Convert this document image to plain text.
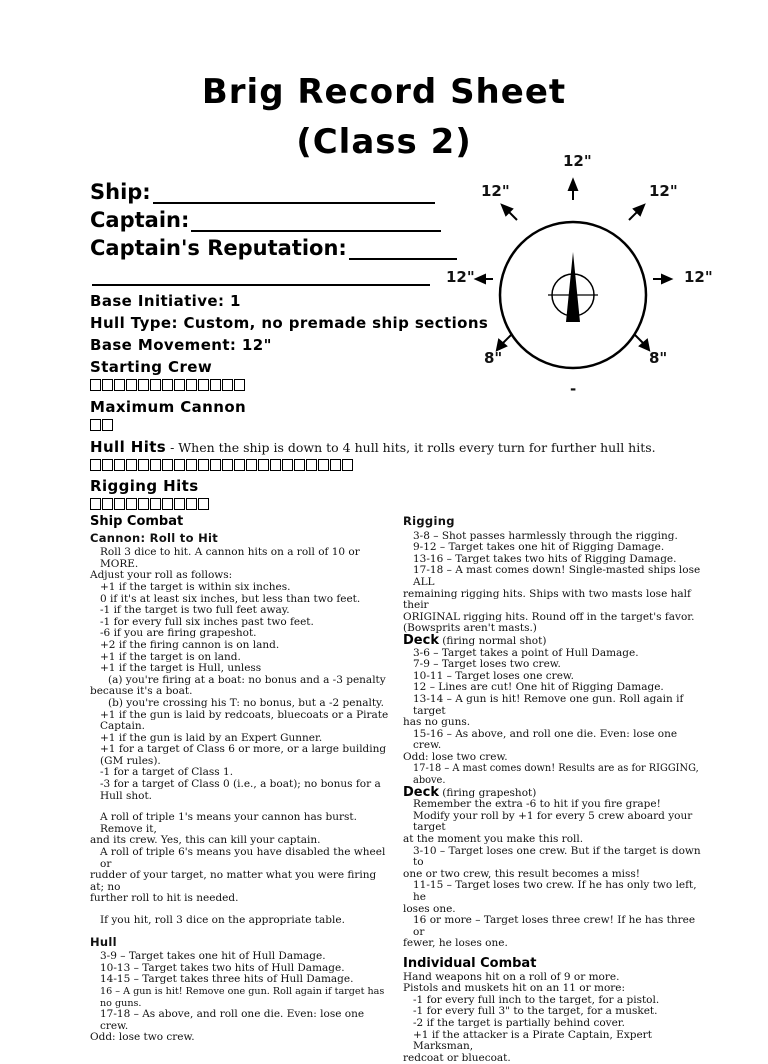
Brig Record Sheet
(Class 2)
Ship:
Captain:
Captain's Reputation:
12"
12"	12"
12"	12"
8"	8"
-
Base Initiative: 1
Hull Type: Custom, no premade ship sections
Base Movement: 12"
Starting Crew
Maximum Cannon
Hull Hits - When the ship is down to 4 hull hits, it rolls every turn for further hull hits.
Rigging Hits

Ship Combat

Cannon: Roll to Hit

Roll 3 dice to hit. A cannon hits on a roll of 10 or MORE.

Adjust your roll as follows:

+1 if the target is within six inches.

0 if it's at least six inches, but less than two feet.

-1 if the target is two full feet away.

-1 for every full six inches past two feet.

-6 if you are firing grapeshot.

+2 if the firing cannon is on land.

+1 if the target is on land.

+1 if the target is Hull, unless

(a) you're firing at a boat: no bonus and a -3 penalty

because it's a boat.

(b) you're crossing his T: no bonus, but a -2 penalty.

+1 if the gun is laid by redcoats, bluecoats or a Pirate Captain.

+1 if the gun is laid by an Expert Gunner.

+1 for a target of Class 6 or more, or a large building (GM rules).

-1 for a target of Class 1.

-3 for a target of Class 0 (i.e., a boat); no bonus for a Hull shot.

A roll of triple 1's means your cannon has burst. Remove it,

and its crew. Yes, this can kill your captain.

A roll of triple 6's means you have disabled the wheel or

rudder of your target, no matter what you were firing at; no

further roll to hit is needed.

If you hit, roll 3 dice on the appropriate table.

Hull

3-9 – Target takes one hit of Hull Damage.

10-13 – Target takes two hits of Hull Damage.

14-15 – Target takes three hits of Hull Damage.

16 – A gun is hit! Remove one gun. Roll again if target has no guns.

17-18 – As above, and roll one die. Even: lose one crew.

Odd: lose two crew.

Rigging

3-8 – Shot passes harmlessly through the rigging.

9-12 – Target takes one hit of Rigging Damage.

13-16 – Target takes two hits of Rigging Damage.

17-18 – A mast comes down! Single-masted ships lose ALL

remaining rigging hits. Ships with two masts lose half their

ORIGINAL rigging hits. Round off in the target's favor.

(Bowsprits aren't masts.)

Deck (firing normal shot)

3-6 – Target takes a point of Hull Damage.

7-9 – Target loses two crew.

10-11 – Target loses one crew.

12 – Lines are cut! One hit of Rigging Damage.

13-14 – A gun is hit! Remove one gun. Roll again if target

has no guns.

15-16 – As above, and roll one die. Even: lose one crew.

Odd: lose two crew.

17-18 – A mast comes down! Results are as for RIGGING, above.

Deck (firing grapeshot)

Remember the extra -6 to hit if you fire grape!

Modify your roll by +1 for every 5 crew aboard your target

at the moment you make this roll.

3-10 – Target loses one crew. But if the target is down to

one or two crew, this result becomes a miss!

11-15 – Target loses two crew. If he has only two left, he

loses one.

16 or more – Target loses three crew! If he has three or

fewer, he loses one.

Individual Combat

Hand weapons hit on a roll of 9 or more.

Pistols and muskets hit on an 11 or more:

-1 for every full inch to the target, for a pistol.

-1 for every full 3" to the target, for a musket.

-2 if the target is partially behind cover.

+1 if the attacker is a Pirate Captain, Expert Marksman,

redcoat or bluecoat.
